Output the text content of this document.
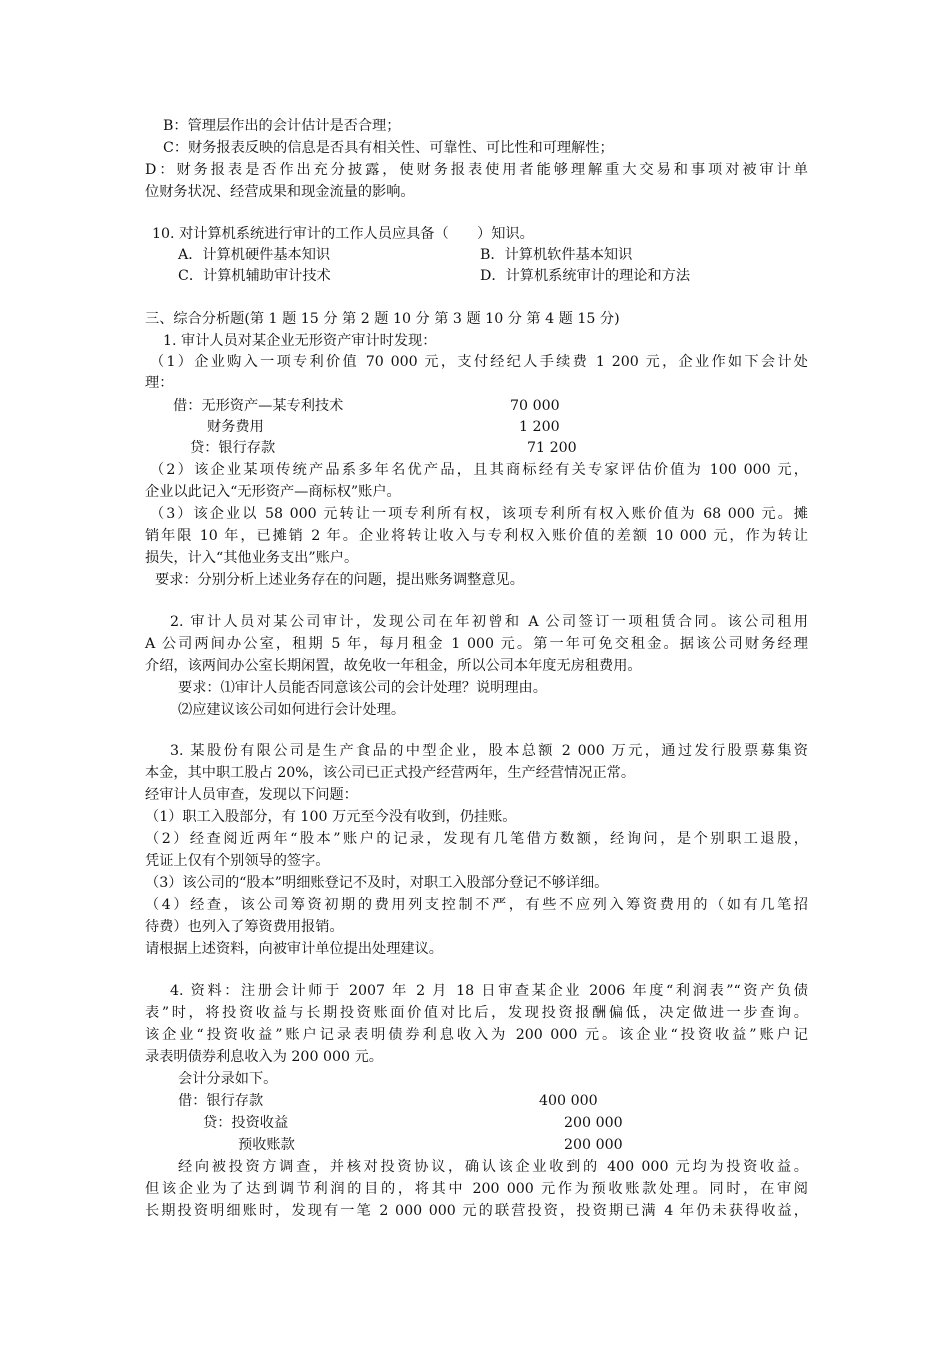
B：管理层作出的会计估计是否合理；
C：财务报表反映的信息是否具有相关性、可靠性、可比性和可理解性；
D：财务报表是否作出充分披露，使财务报表使用者能够理解重大交易和事项对被审计单
位财务状况、经营成果和现金流量的影响。
10. 对计算机系统进行审计的工作人员应具备（　　）知识。
A．计算机硬件基本知识	B．计算机软件基本知识
C．计算机辅助审计技术	D．计算机系统审计的理论和方法
三、综合分析题(第 1 题 15 分 第 2 题 10 分 第 3 题 10 分 第 4 题 15 分)
1. 审计人员对某企业无形资产审计时发现：
（1）企业购入一项专利价值 70 000 元，支付经纪人手续费 1 200 元，企业作如下会计处
理：
借：无形资产—某专利技术	70 000
财务费用	1 200
贷：银行存款	71 200
（2）该企业某项传统产品系多年名优产品，且其商标经有关专家评估价值为 100 000 元，
企业以此记入“无形资产—商标权”账户。
（3）该企业以 58 000 元转让一项专利所有权，该项专利所有权入账价值为 68 000 元。摊
销年限 10 年，已摊销 2 年。企业将转让收入与专利权入账价值的差额 10 000 元，作为转让
损失，计入“其他业务支出”账户。
要求：分别分析上述业务存在的问题，提出账务调整意见。
2. 审计人员对某公司审计，发现公司在年初曾和 A 公司签订一项租赁合同。该公司租用
A 公司两间办公室，租期 5 年，每月租金 1 000 元。第一年可免交租金。据该公司财务经理
介绍，该两间办公室长期闲置，故免收一年租金，所以公司本年度无房租费用。
要求：⑴审计人员能否同意该公司的会计处理？说明理由。
⑵应建议该公司如何进行会计处理。
3. 某股份有限公司是生产食品的中型企业，股本总额 2 000 万元，通过发行股票募集资
本金，其中职工股占 20%，该公司已正式投产经营两年，生产经营情况正常。
经审计人员审查，发现以下问题：
（1）职工入股部分，有 100 万元至今没有收到，仍挂账。
（2）经查阅近两年“股本”账户的记录，发现有几笔借方数额，经询问，是个别职工退股，
凭证上仅有个别领导的签字。
（3）该公司的“股本”明细账登记不及时，对职工入股部分登记不够详细。
（4）经查，该公司筹资初期的费用列支控制不严，有些不应列入筹资费用的（如有几笔招
待费）也列入了筹资费用报销。
请根据上述资料，向被审计单位提出处理建议。
4. 资料：注册会计师于 2007 年 2 月 18 日审查某企业 2006 年度“利润表”“资产负债
表”时，将投资收益与长期投资账面价值对比后，发现投资报酬偏低，决定做进一步查询。
该企业“投资收益”账户记录表明债券利息收入为 200 000 元。该企业“投资收益”账户记
录表明债券利息收入为 200 000 元。
会计分录如下。
借：银行存款	400 000
贷：投资收益	200 000
预收账款	200 000
经向被投资方调查，并核对投资协议，确认该企业收到的 400 000 元均为投资收益。
但该企业为了达到调节利润的目的，将其中 200 000 元作为预收账款处理。同时，在审阅
长期投资明细账时，发现有一笔 2 000 000 元的联营投资，投资期已满 4 年仍未获得收益，
